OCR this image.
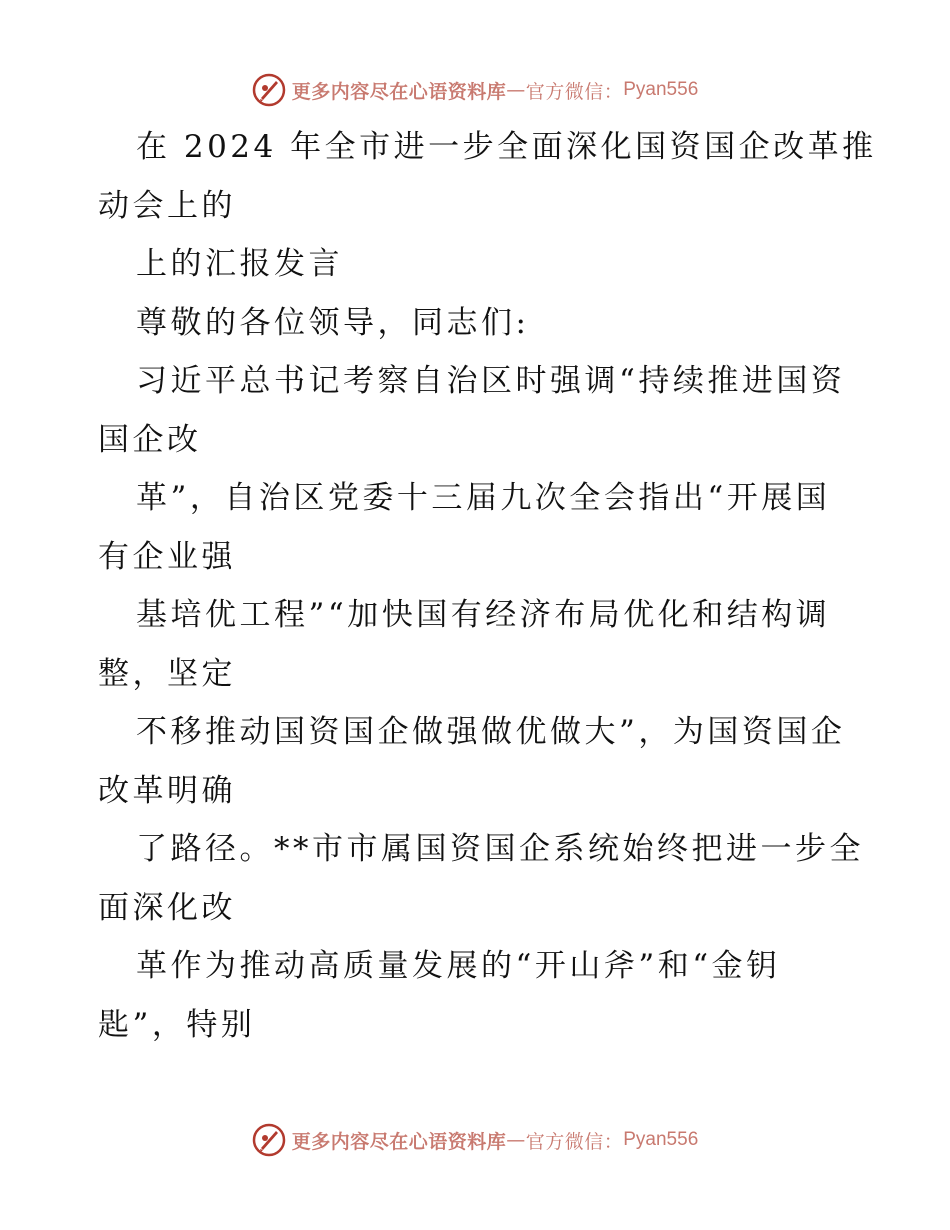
更多内容尽在心语资料库 — 官方微信： Pyan556
在 2024 年全市进一步全面深化国资国企改革推
动会上的
上的汇报发言
尊敬的各位领导，同志们:
习近平总书记考察自治区时强调“持续推进国资
国企改
革”，自治区党委十三届九次全会指出“开展国
有企业强
基培优工程”“加快国有经济布局优化和结构调
整，坚定
不移推动国资国企做强做优做大”，为国资国企
改革明确
了路径。**市市属国资国企系统始终把进一步全
面深化改
革作为推动高质量发展的“开山斧”和“金钥
匙”，特别
更多内容尽在心语资料库 — 官方微信： Pyan556
